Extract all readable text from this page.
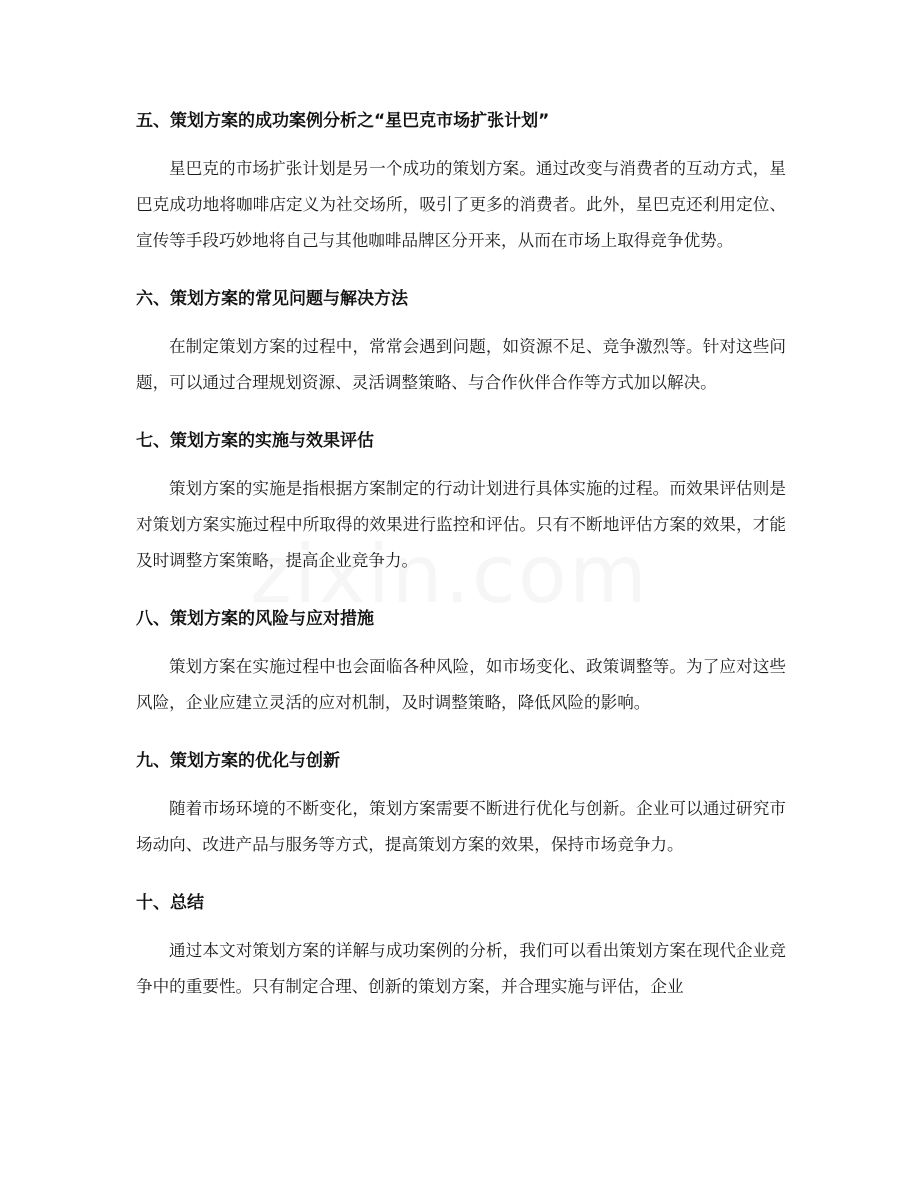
五、策划方案的成功案例分析之“星巴克市场扩张计划”

星巴克的市场扩张计划是另一个成功的策划方案。通过改变与消费者的互动方式，星巴克成功地将咖啡店定义为社交场所，吸引了更多的消费者。此外，星巴克还利用定位、宣传等手段巧妙地将自己与其他咖啡品牌区分开来，从而在市场上取得竞争优势。

六、策划方案的常见问题与解决方法

在制定策划方案的过程中，常常会遇到问题，如资源不足、竞争激烈等。针对这些问题，可以通过合理规划资源、灵活调整策略、与合作伙伴合作等方式加以解决。

七、策划方案的实施与效果评估

策划方案的实施是指根据方案制定的行动计划进行具体实施的过程。而效果评估则是对策划方案实施过程中所取得的效果进行监控和评估。只有不断地评估方案的效果，才能及时调整方案策略，提高企业竞争力。

八、策划方案的风险与应对措施

策划方案在实施过程中也会面临各种风险，如市场变化、政策调整等。为了应对这些风险，企业应建立灵活的应对机制，及时调整策略，降低风险的影响。

九、策划方案的优化与创新

随着市场环境的不断变化，策划方案需要不断进行优化与创新。企业可以通过研究市场动向、改进产品与服务等方式，提高策划方案的效果，保持市场竞争力。

十、总结

通过本文对策划方案的详解与成功案例的分析，我们可以看出策划方案在现代企业竞争中的重要性。只有制定合理、创新的策划方案，并合理实施与评估，企业
